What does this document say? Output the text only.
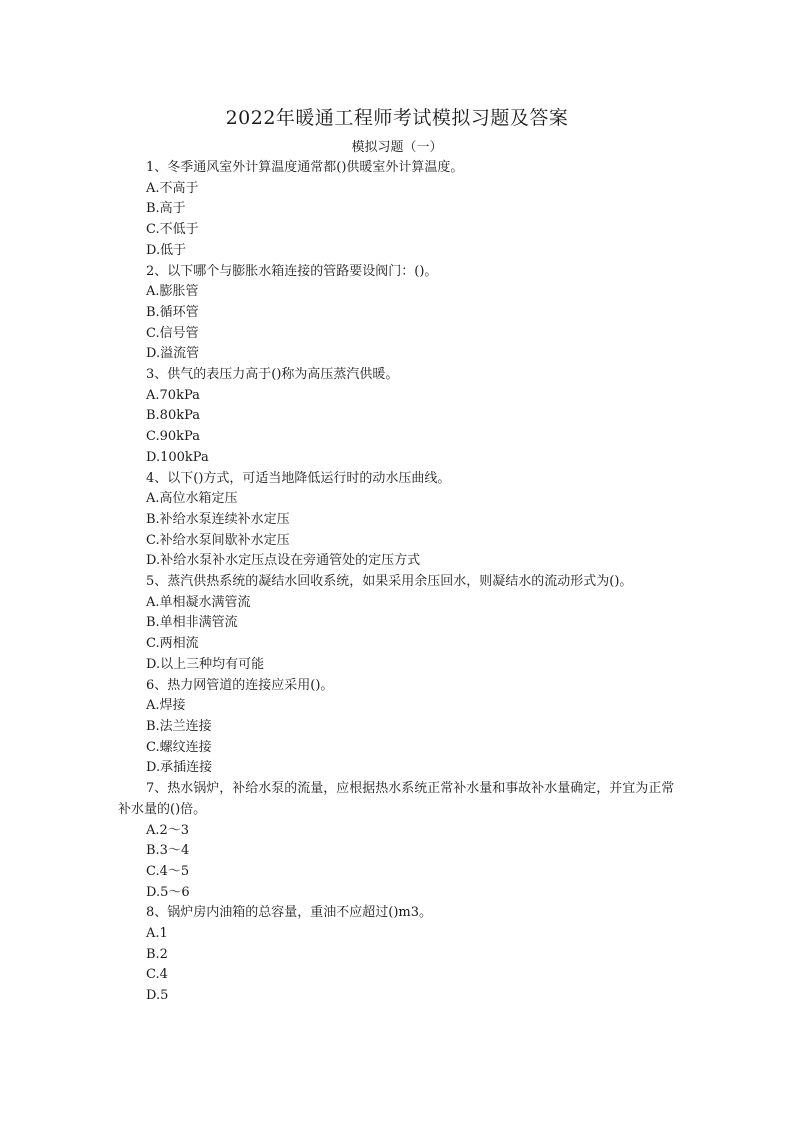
2022年暖通工程师考试模拟习题及答案
模拟习题（一）
1、冬季通风室外计算温度通常都()供暖室外计算温度。
A.不高于
B.高于
C.不低于
D.低于
2、以下哪个与膨胀水箱连接的管路要设阀门：()。
A.膨胀管
B.循环管
C.信号管
D.溢流管
3、供气的表压力高于()称为高压蒸汽供暖。
A.70kPa
B.80kPa
C.90kPa
D.100kPa
4、以下()方式，可适当地降低运行时的动水压曲线。
A.高位水箱定压
B.补给水泵连续补水定压
C.补给水泵间歇补水定压
D.补给水泵补水定压点设在旁通管处的定压方式
5、蒸汽供热系统的凝结水回收系统，如果采用余压回水，则凝结水的流动形式为()。
A.单相凝水满管流
B.单相非满管流
C.两相流
D.以上三种均有可能
6、热力网管道的连接应采用()。
A.焊接
B.法兰连接
C.螺纹连接
D.承插连接
7、热水锅炉，补给水泵的流量，应根据热水系统正常补水量和事故补水量确定，并宜为正常补水量的()倍。
A.2～3
B.3～4
C.4～5
D.5～6
8、锅炉房内油箱的总容量，重油不应超过()m3。
A.1
B.2
C.4
D.5
